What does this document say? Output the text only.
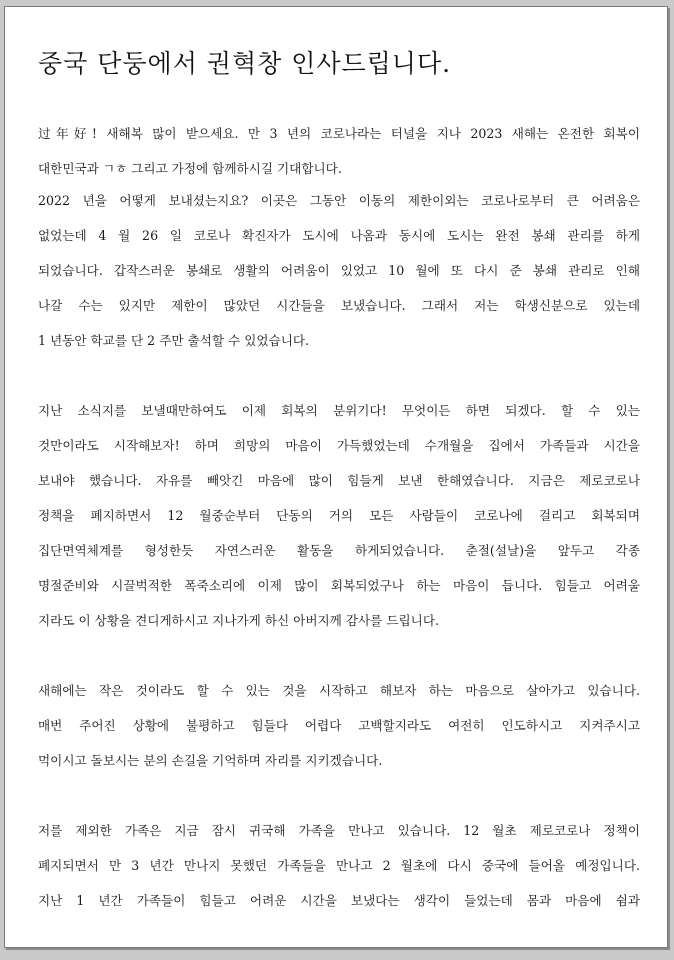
중국 단둥에서 권혁창 인사드립니다.
过年好! 새해복 많이 받으세요. 만 3 년의 코로나라는 터널을 지나 2023 새해는 온전한 회복이
대한민국과 ㄱㅎ 그리고 가정에 함께하시길 기대합니다.
2022 년을 어떻게 보내셨는지요? 이곳은 그동안 이동의 제한이외는 코로나로부터 큰 어려움은
없었는데 4 월 26 일 코로나 확진자가 도시에 나옴과 동시에 도시는 완전 봉쇄 관리를 하게
되었습니다. 갑작스러운 봉쇄로 생활의 어려움이 있었고 10 월에 또 다시 준 봉쇄 관리로 인해
나갈 수는 있지만 제한이 많았던 시간들을 보냈습니다. 그래서 저는 학생신분으로 있는데
1 년동안 학교를 단 2 주만 출석할 수 있었습니다.
지난 소식지를 보낼때만하여도 이제 회복의 분위기다! 무엇이든 하면 되겠다. 할 수 있는
것만이라도 시작해보자! 하며 희망의 마음이 가득했었는데 수개월을 집에서 가족들과 시간을
보내야 했습니다. 자유를 빼앗긴 마음에 많이 힘들게 보낸 한해였습니다. 지금은 제로코로나
정책을 폐지하면서 12 월중순부터 단동의 거의 모든 사람들이 코로나에 걸리고 회복되며
집단면역체계를 형성한듯 자연스러운 활동을 하게되었습니다. 춘절(설날)을 앞두고 각종
명절준비와 시끌벅적한 폭죽소리에 이제 많이 회복되었구나 하는 마음이 듭니다. 힘들고 어려울
지라도 이 상황을 견디게하시고 지나가게 하신 아버지께 감사를 드립니다.
새해에는 작은 것이라도 할 수 있는 것을 시작하고 해보자 하는 마음으로 살아가고 있습니다.
매번 주어진 상황에 불평하고 힘들다 어렵다 고백할지라도 여전히 인도하시고 지켜주시고
먹이시고 돌보시는 분의 손길을 기억하며 자리를 지키겠습니다.
저를 제외한 가족은 지금 잠시 귀국해 가족을 만나고 있습니다. 12 월초 제로코로나 정책이
폐지되면서 만 3 년간 만나지 못했던 가족들을 만나고 2 월초에 다시 중국에 들어올 예정입니다.
지난 1 년간 가족들이 힘들고 어려운 시간을 보냈다는 생각이 들었는데 몸과 마음에 쉼과
